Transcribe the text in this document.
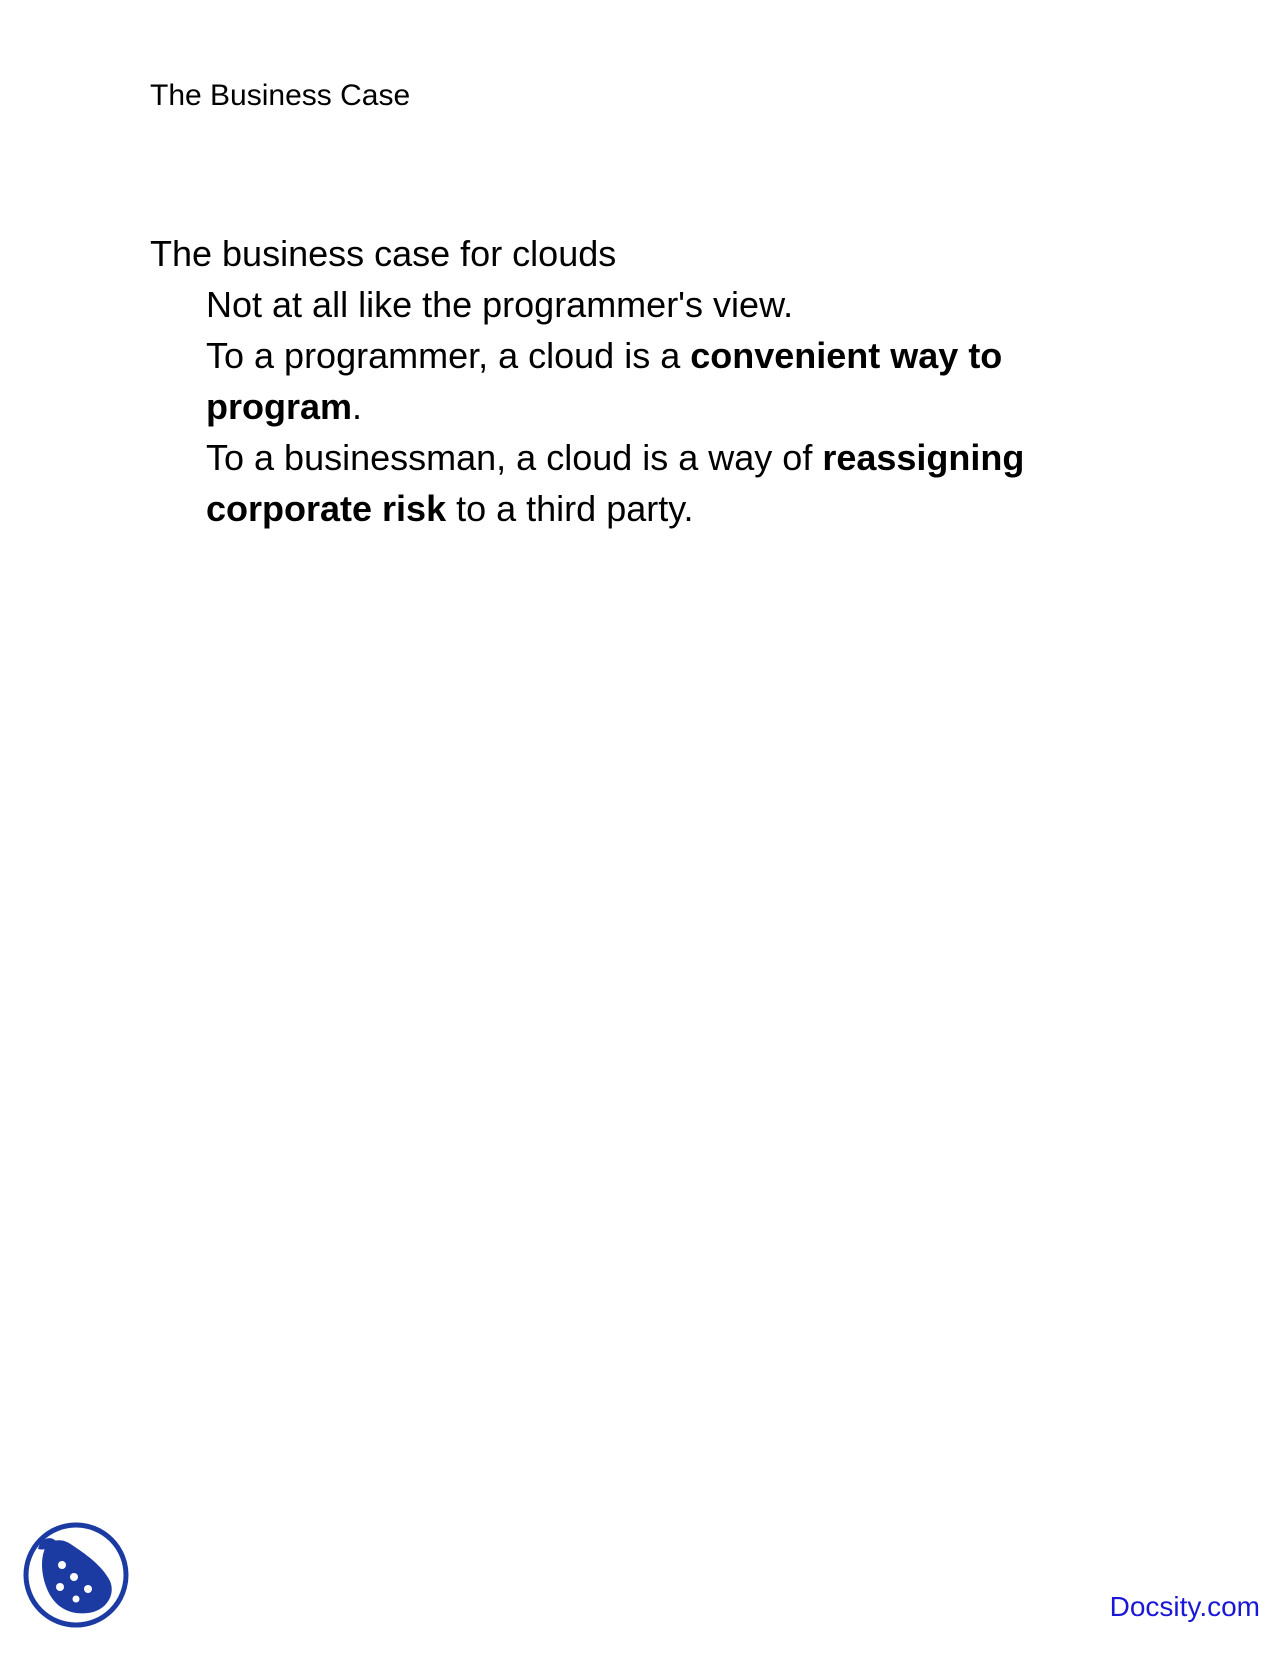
The Business Case

The business case for clouds

Not at all like the programmer's view.

To a programmer, a cloud is a convenient way to program.

To a businessman, a cloud is a way of reassigning corporate risk to a third party.

Docsity.com
